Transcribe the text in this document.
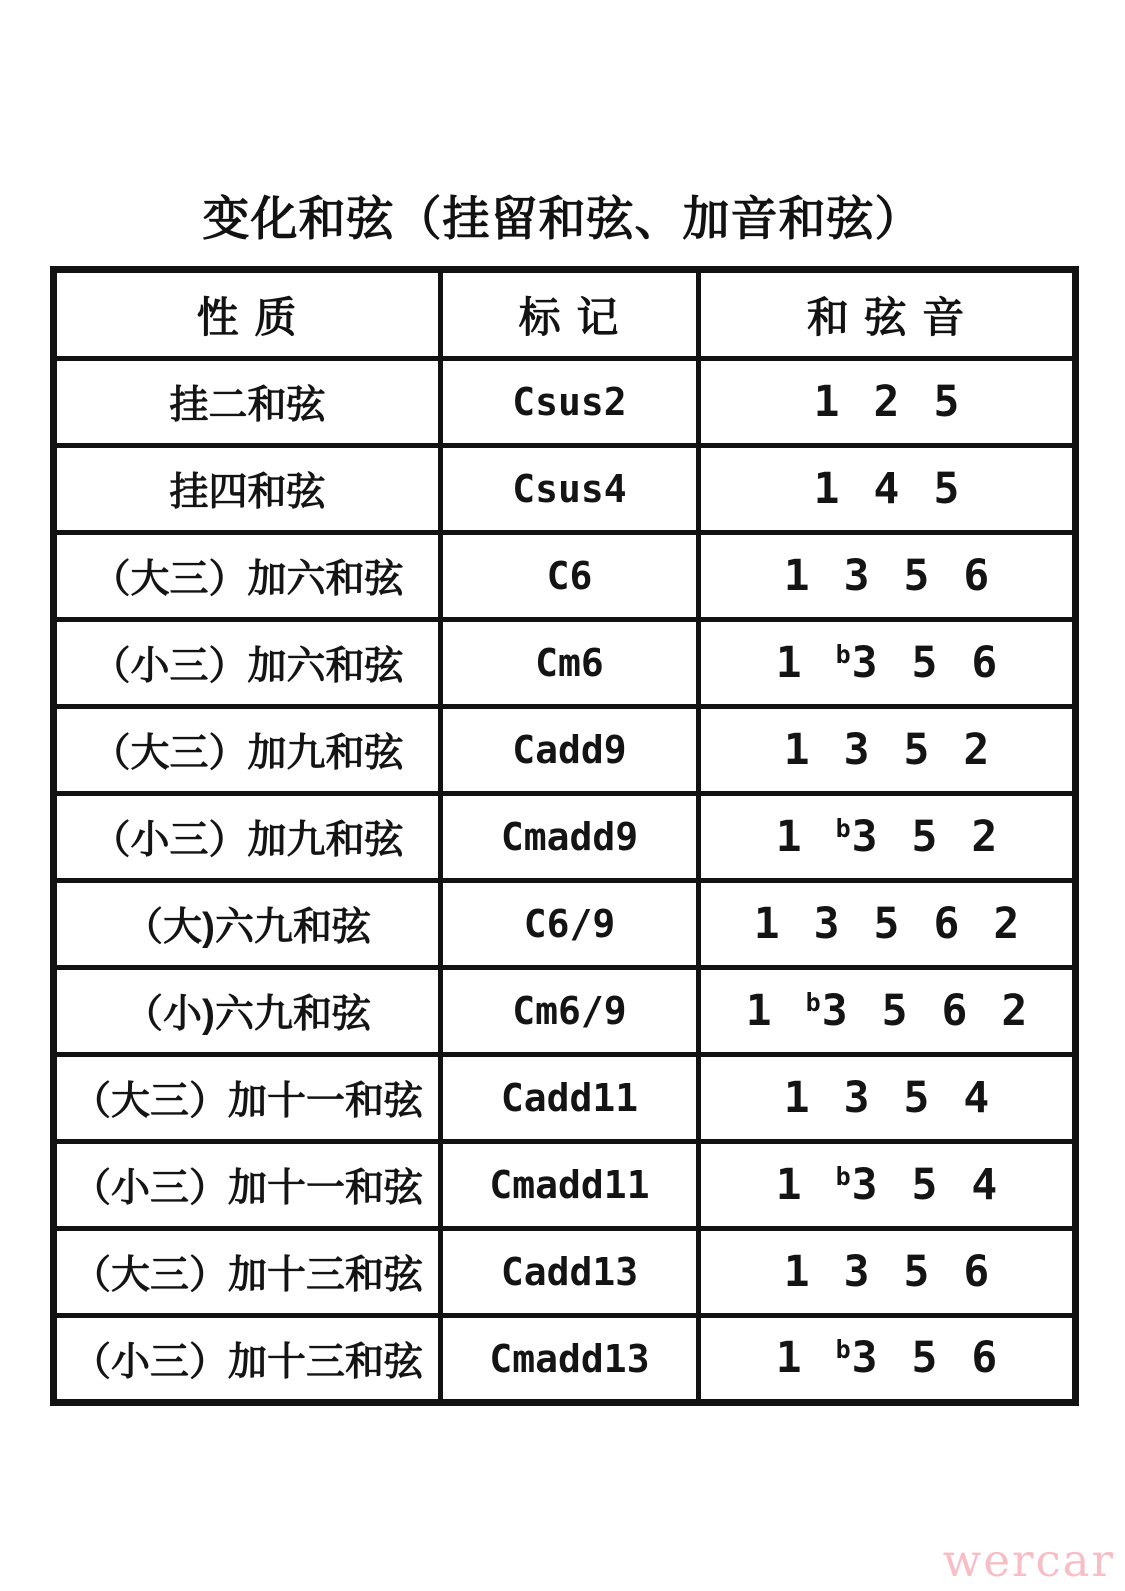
变化和弦（挂留和弦、加音和弦）
性 质	标 记	和 弦 音
挂二和弦	Csus2	1 2 5

挂四和弦	Csus4	1 4 5

（大三）加六和弦	C6	1 3 5 6

（小三）加六和弦	Cm6	1 b3 5 6

（大三）加九和弦	Cadd9	1 3 5 2

（小三）加九和弦	Cmadd9	1 b3 5 2

（大)六九和弦	C6/9	1 3 5 6 2

（小)六九和弦	Cm6/9	1 b3 5 6 2

（大三）加十一和弦	Cadd11	1 3 5 4

（小三）加十一和弦	Cmadd11	1 b3 5 4

（大三）加十三和弦	Cadd13	1 3 5 6

（小三）加十三和弦	Cmadd13	1 b3 5 6
wercar
